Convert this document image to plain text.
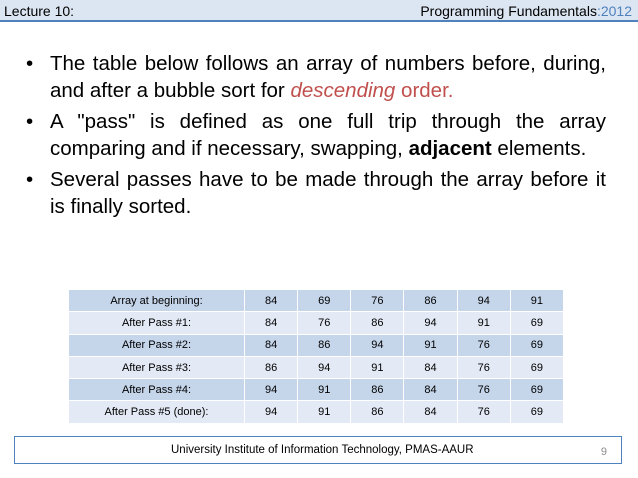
Lecture 10:	Programming Fundamentals:2012
• The table below follows an array of numbers before, during, and after a bubble sort for descending order.
• A "pass" is defined as one full trip through the array comparing and if necessary, swapping, adjacent elements.
• Several passes have to be made through the array before it is finally sorted.
Array at beginning:	84	69	76	86	94	91
After Pass #1:	84	76	86	94	91	69
After Pass #2:	84	86	94	91	76	69
After Pass #3:	86	94	91	84	76	69
After Pass #4:	94	91	86	84	76	69
After Pass #5 (done):	94	91	86	84	76	69
University Institute of Information Technology, PMAS-AAUR	9
